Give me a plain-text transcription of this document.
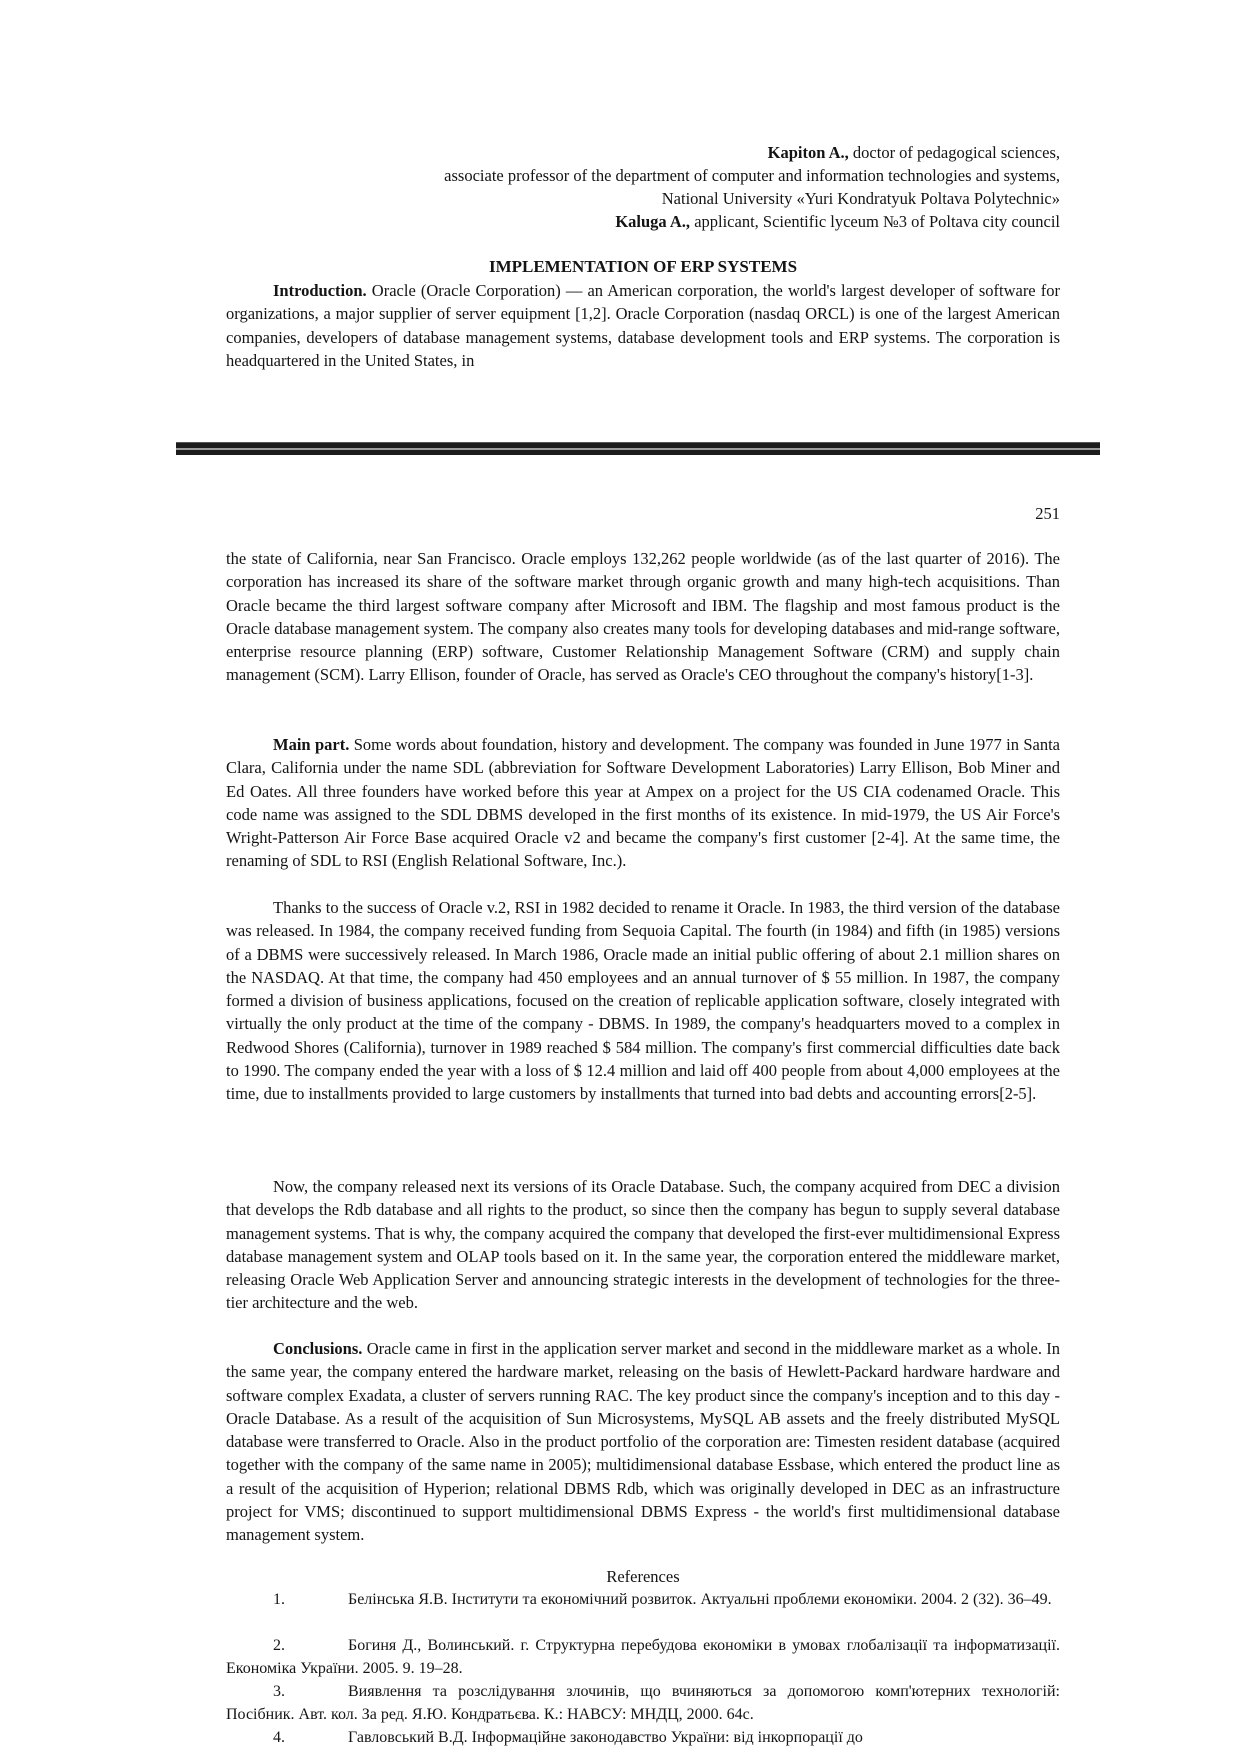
Kapiton A., doctor of pedagogical sciences,
associate professor of the department of computer and information technologies and systems,
National University «Yuri Kondratyuk Poltava Polytechnic»
Kaluga A., applicant, Scientific lyceum №3 of Poltava city council
IMPLEMENTATION OF ERP SYSTEMS

Introduction. Oracle (Oracle Corporation) — an American corporation, the world's largest developer of software for organizations, a major supplier of server equipment [1,2]. Oracle Corporation (nasdaq ORCL) is one of the largest American companies, developers of database management systems, database development tools and ERP systems. The corporation is headquartered in the United States, in

251

the state of California, near San Francisco. Oracle employs 132,262 people worldwide (as of the last quarter of 2016). The corporation has increased its share of the software market through organic growth and many high-tech acquisitions. Than Oracle became the third largest software company after Microsoft and IBM. The flagship and most famous product is the Oracle database management system. The company also creates many tools for developing databases and mid-range software, enterprise resource planning (ERP) software, Customer Relationship Management Software (CRM) and supply chain management (SCM). Larry Ellison, founder of Oracle, has served as Oracle's CEO throughout the company's history[1-3].

Main part. Some words about foundation, history and development. The company was founded in June 1977 in Santa Clara, California under the name SDL (abbreviation for Software Development Laboratories) Larry Ellison, Bob Miner and Ed Oates. All three founders have worked before this year at Ampex on a project for the US CIA codenamed Oracle. This code name was assigned to the SDL DBMS developed in the first months of its existence. In mid-1979, the US Air Force's Wright-Patterson Air Force Base acquired Oracle v2 and became the company's first customer [2-4]. At the same time, the renaming of SDL to RSI (English Relational Software, Inc.).

Thanks to the success of Oracle v.2, RSI in 1982 decided to rename it Oracle. In 1983, the third version of the database was released. In 1984, the company received funding from Sequoia Capital. The fourth (in 1984) and fifth (in 1985) versions of a DBMS were successively released. In March 1986, Oracle made an initial public offering of about 2.1 million shares on the NASDAQ. At that time, the company had 450 employees and an annual turnover of $ 55 million. In 1987, the company formed a division of business applications, focused on the creation of replicable application software, closely integrated with virtually the only product at the time of the company - DBMS. In 1989, the company's headquarters moved to a complex in Redwood Shores (California), turnover in 1989 reached $ 584 million. The company's first commercial difficulties date back to 1990. The company ended the year with a loss of $ 12.4 million and laid off 400 people from about 4,000 employees at the time, due to installments provided to large customers by installments that turned into bad debts and accounting errors[2-5].

Now, the company released next its versions of its Oracle Database. Such, the company acquired from DEC a division that develops the Rdb database and all rights to the product, so since then the company has begun to supply several database management systems. That is why, the company acquired the company that developed the first-ever multidimensional Express database management system and OLAP tools based on it. In the same year, the corporation entered the middleware market, releasing Oracle Web Application Server and announcing strategic interests in the development of technologies for the three-tier architecture and the web.

Conclusions. Oracle came in first in the application server market and second in the middleware market as a whole. In the same year, the company entered the hardware market, releasing on the basis of Hewlett-Packard hardware hardware and software complex Exadata, a cluster of servers running RAC. The key product since the company's inception and to this day - Oracle Database. As a result of the acquisition of Sun Microsystems, MySQL AB assets and the freely distributed MySQL database were transferred to Oracle. Also in the product portfolio of the corporation are: Timesten resident database (acquired together with the company of the same name in 2005); multidimensional database Essbase, which entered the product line as a result of the acquisition of Hyperion; relational DBMS Rdb, which was originally developed in DEC as an infrastructure project for VMS; discontinued to support multidimensional DBMS Express - the world's first multidimensional database management system.

References
1.	Белінська Я.В. Інститути та економічний розвиток. Актуальні проблеми економіки. 2004. 2 (32). 36–49.
2.	Богиня Д., Волинський. г. Структурна перебудова економіки в умовах глобалізації та інформатизації. Економіка України. 2005. 9. 19–28.
3.	Виявлення та розслідування злочинів, що вчиняються за допомогою комп'ютерних технологій: Посібник. Авт. кол. За ред. Я.Ю. Кондратьєва. К.: НАВСУ: МНДЦ, 2000. 64с.
4.	Гавловський В.Д. Інформаційне законодавство України: від інкорпорації до
